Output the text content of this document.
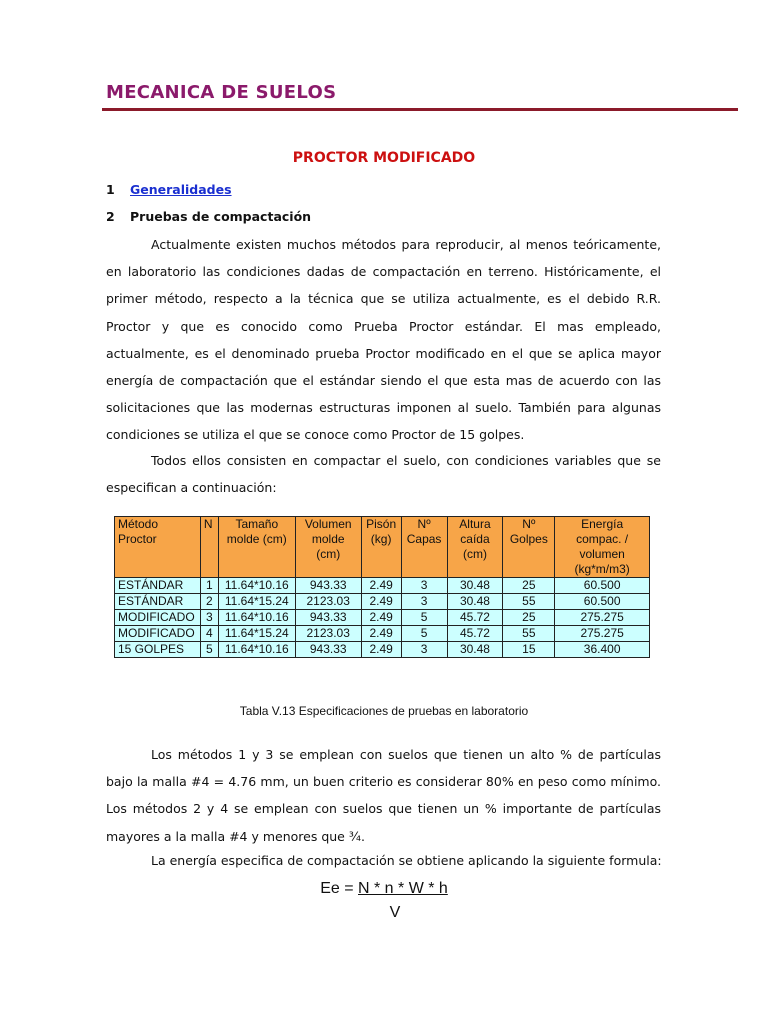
MECANICA DE SUELOS
PROCTOR MODIFICADO
1 Generalidades
2 Pruebas de compactación
Actualmente existen muchos métodos para reproducir, al menos teóricamente, en laboratorio las condiciones dadas de compactación en terreno. Históricamente, el primer método, respecto a la técnica que se utiliza actualmente, es el debido R.R. Proctor y que es conocido como Prueba Proctor estándar. El mas empleado, actualmente, es el denominado prueba Proctor modificado en el que se aplica mayor energía de compactación que el estándar siendo el que esta mas de acuerdo con las solicitaciones que las modernas estructuras imponen al suelo. También para algunas condiciones se utiliza el que se conoce como Proctor de 15 golpes.
Todos ellos consisten en compactar el suelo, con condiciones variables que se especifican a continuación:
Método Proctor	N	Tamaño molde (cm)	Volumen molde (cm)	Pisón (kg)	Nº Capas	Altura caída (cm)	Nº Golpes	Energía compac. / volumen (kg*m/m3)
ESTÁNDAR	1	11.64*10.16	943.33	2.49	3	30.48	25	60.500
ESTÁNDAR	2	11.64*15.24	2123.03	2.49	3	30.48	55	60.500
MODIFICADO	3	11.64*10.16	943.33	2.49	5	45.72	25	275.275
MODIFICADO	4	11.64*15.24	2123.03	2.49	5	45.72	55	275.275
15 GOLPES	5	11.64*10.16	943.33	2.49	3	30.48	15	36.400
Tabla V.13 Especificaciones de pruebas en laboratorio
Los métodos 1 y 3 se emplean con suelos que tienen un alto % de partículas bajo la malla #4 = 4.76 mm, un buen criterio es considerar 80% en peso como mínimo. Los métodos 2 y 4 se emplean con suelos que tienen un % importante de partículas mayores a la malla #4 y menores que ¾.
La energía especifica de compactación se obtiene aplicando la siguiente formula:
Ee = N * n * W * h
V
